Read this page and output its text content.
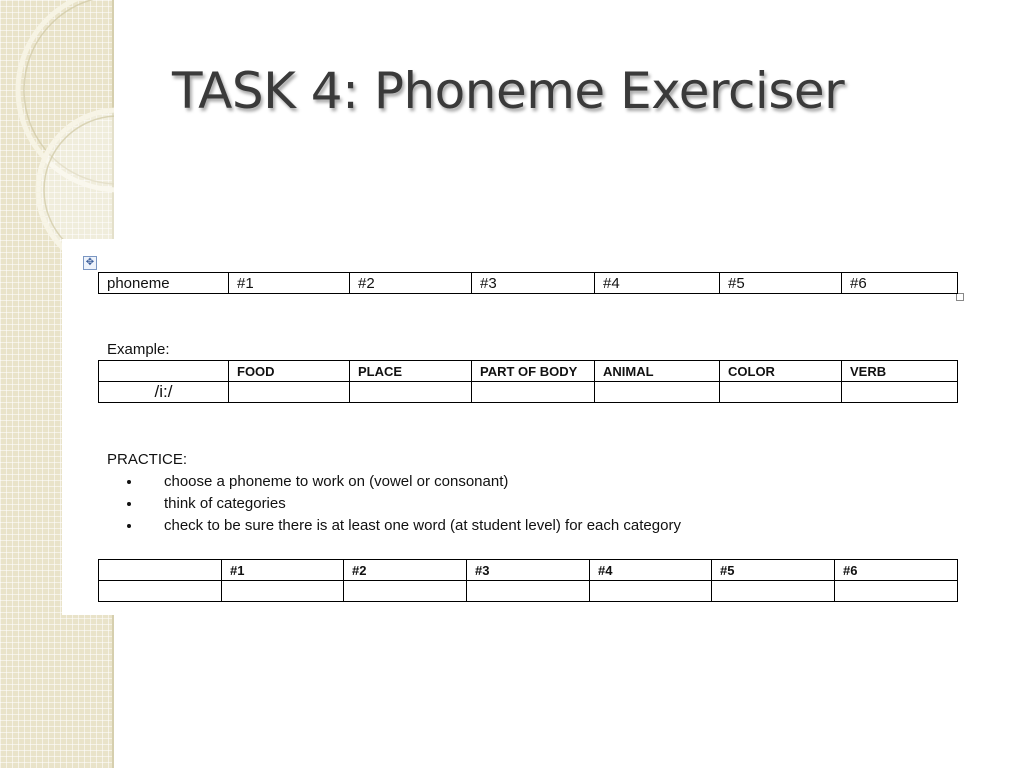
TASK 4: Phoneme Exerciser
✥
phoneme	#1	#2	#3	#4	#5	#6
Example:
	FOOD	PLACE	PART OF BODY	ANIMAL	COLOR	VERB
/i:/						
PRACTICE:
• choose a phoneme to work on (vowel or consonant)
• think of categories
• check to be sure there is at least one word (at student level) for each category
	#1	#2	#3	#4	#5	#6
